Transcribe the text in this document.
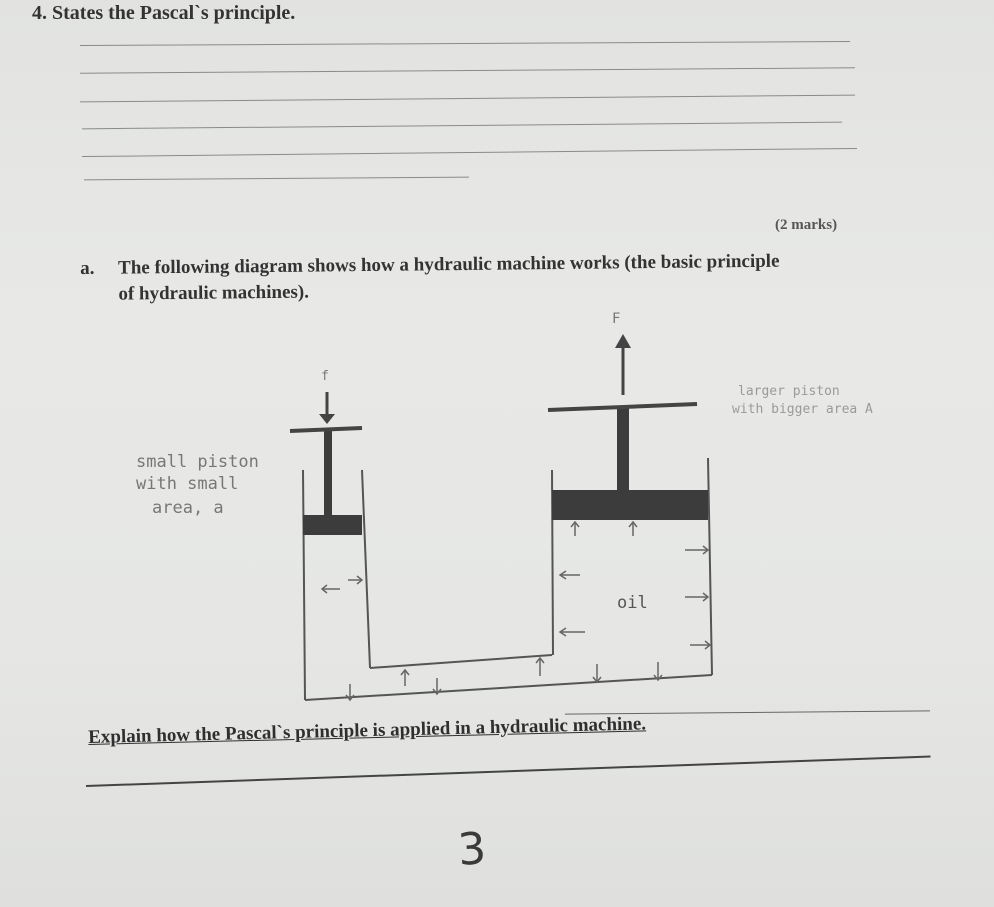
4. States the Pascal`s principle.
(2 marks)
a. The following diagram shows how a hydraulic machine works (the basic principle
of hydraulic machines).
f
F
oil
small piston
with small
area, a
larger piston
with bigger area A
Explain how the Pascal`s principle is applied in a hydraulic machine.
3
